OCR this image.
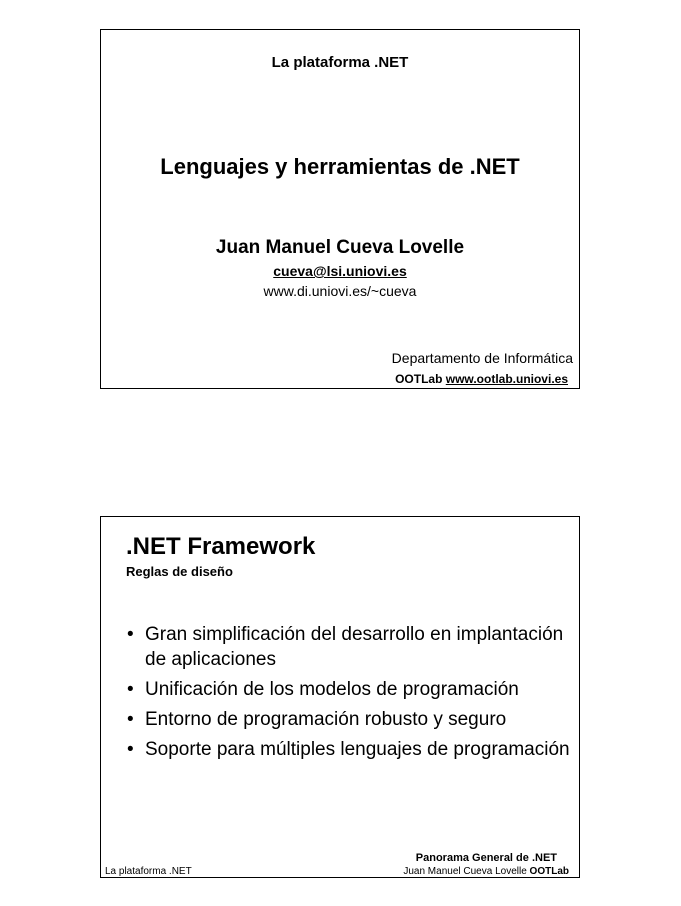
La plataforma .NET
Lenguajes y herramientas de .NET
Juan Manuel Cueva Lovelle
cueva@lsi.uniovi.es
www.di.uniovi.es/~cueva
Departamento de Informática
OOTLab www.ootlab.uniovi.es
.NET Framework
Reglas de diseño
• Gran simplificación del desarrollo en implantación de aplicaciones
• Unificación de los modelos de programación
• Entorno de programación robusto y seguro
• Soporte para múltiples lenguajes de programación
Panorama General de .NET
La plataforma .NET	Juan Manuel Cueva Lovelle OOTLab
